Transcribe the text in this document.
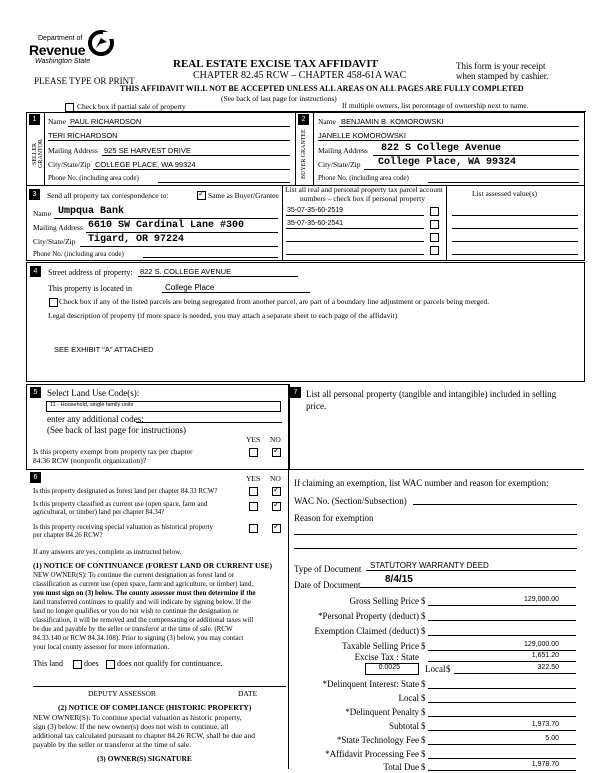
Department of
Revenue
Washington State	REAL ESTATE EXCISE TAX AFFIDAVIT
CHAPTER 82.45 RCW – CHAPTER 458-61A WAC
This form is your receipt
when stamped by cashier.
PLEASE TYPE OR PRINT
THIS AFFIDAVIT WILL NOT BE ACCEPTED UNLESS ALL AREAS ON ALL PAGES ARE FULLY COMPLETED
(See back of last page for instructions)
Check box if partial sale of property	If multiple owners, list percentage of ownership next to name.
1
SELLER GRANTOR
Name PAUL RICHARDSON
TERI RICHARDSON
Mailing Address 925 SE HARVEST DRIVE
City/State/Zip COLLEGE PLACE, WA 99324
Phone No. (including area code)
2
BUYER GRANTEE
Name BENJAMIN B. KOMOROWSKI
JANELLE KOMOROWSKI
Mailing Address 822 S College Avenue
City/State/Zip College Place, WA 99324
Phone No. (including area code)
3	Send all property tax correspondence to:
✓	Same as Buyer/Grantee
Name Umpqua Bank
Mailing Address 6610 SW Cardinal Lane #300
City/State/Zip Tigard, OR 97224
Phone No. (including area code)
List all real and personal property tax parcel account
numbers – check box if personal property
List assessed value(s)
35-07-35-60-2519
35-07-35-60-2541
4	Street address of property: 822 S. COLLEGE AVENUE
This property is located in	College Place
Check box if any of the listed parcels are being segregated from another parcel, are part of a boundary line adjustment or parcels being merged.
Legal description of property (if more space is needed, you may attach a separate sheet to each page of the affidavit)
SEE EXHIBIT "A" ATTACHED
5	Select Land Use Code(s):
11 - Household, single family units
enter any additional codes:
(See back of last page for instructions)
YES NO
Is this property exempt from property tax per chapter
84.36 RCW (nonprofit organization)?
✓
6	YES NO
Is this property designated as forest land per chapter 84.33 RCW?
✓
Is this property classified as current use (open space, farm and
agricultural, or timber) land per chapter 84.34?
✓
Is this property receiving special valuation as historical property
per chapter 84.26 RCW?
✓
If any answers are yes, complete as instructed below.
(1) NOTICE OF CONTINUANCE (FOREST LAND OR CURRENT USE)
NEW OWNER(S): To continue the current designation as forest land or
classification as current use (open space, farm and agriculture, or timber) land,
you must sign on (3) below. The county assessor must then determine if the
land transferred continues to qualify and will indicate by signing below. If the
land no longer qualifies or you do not wish to continue the designation or
classification, it will be removed and the compensating or additional taxes will
be due and payable by the seller or transferor at the time of sale. (RCW
84.33.140 or RCW 84.34.108). Prior to signing (3) below, you may contact
your local county assessor for more information.
This land	does does not qualify for continuance.
DEPUTY ASSESSOR	DATE
(2) NOTICE OF COMPLIANCE (HISTORIC PROPERTY)
NEW OWNER(S): To continue special valuation as historic property,
sign (3) below. If the new owner(s) does not wish to continue, all
additional tax calculated pursuant to chapter 84.26 RCW, shall be due and
payable by the seller or transferor at the time of sale.
(3) OWNER(S) SIGNATURE
7 List all personal property (tangible and intangible) included in selling
price.
If claiming an exemption, list WAC number and reason for exemption:
WAC No. (Section/Subsection)
Reason for exemption
Type of Document STATUTORY WARRANTY DEED
Date of Document 8/4/15
Gross Selling Price $	129,000.00
*Personal Property (deduct) $
Exemption Claimed (deduct) $
Taxable Selling Price $	129,000.00
Excise Tax : State	1,651.20
0.0025	Local $	322.50
*Delinquent Interest: State $
Local $
*Delinquent Penalty $
Subtotal $	1,973.70
*State Technology Fee $	5.00
*Affidavit Processing Fee $
Total Due $	1,978.70
